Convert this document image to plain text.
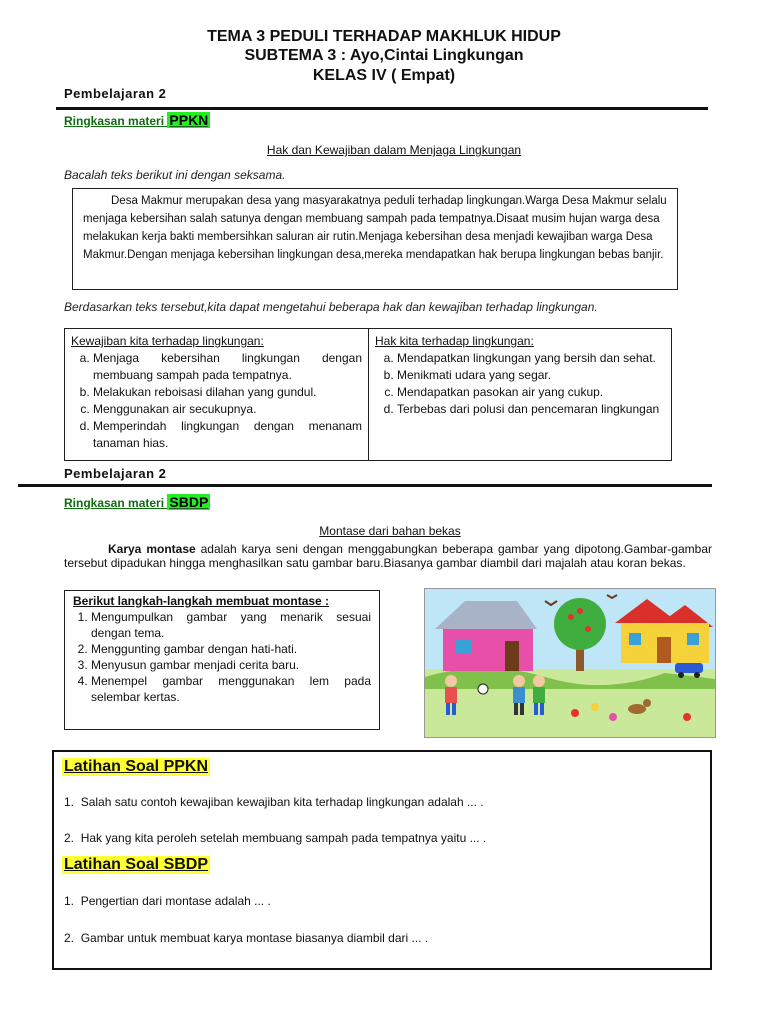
TEMA 3 PEDULI TERHADAP MAKHLUK HIDUP
SUBTEMA 3 : Ayo,Cintai Lingkungan
KELAS IV ( Empat)
Pembelajaran 2
Ringkasan materi PPKN
Hak dan Kewajiban dalam Menjaga Lingkungan
Bacalah teks berikut ini dengan seksama.

Desa Makmur merupakan desa yang masyarakatnya peduli terhadap lingkungan.Warga Desa Makmur selalu menjaga kebersihan salah satunya dengan membuang sampah pada tempatnya.Disaat musim hujan warga desa melakukan kerja bakti membersihkan saluran air rutin.Menjaga kebersihan desa menjadi kewajiban warga Desa Makmur.Dengan menjaga kebersihan lingkungan desa,mereka mendapatkan hak berupa lingkungan bebas banjir.

Berdasarkan teks tersebut,kita dapat mengetahui beberapa hak dan kewajiban terhadap lingkungan.
Kewajiban kita terhadap lingkungan:
a. Menjaga kebersihan lingkungan dengan membuang sampah pada tempatnya.
b. Melakukan reboisasi dilahan yang gundul.
c. Menggunakan air secukupnya.
d. Memperindah lingkungan dengan menanam tanaman hias.
Hak kita terhadap lingkungan:
a. Mendapatkan lingkungan yang bersih dan sehat.
b. Menikmati udara yang segar.
c. Mendapatkan pasokan air yang cukup.
d. Terbebas dari polusi dan pencemaran lingkungan
Pembelajaran 2
Ringkasan materi SBDP
Montase dari bahan bekas
Karya montase adalah karya seni dengan menggabungkan beberapa gambar yang dipotong.Gambar-gambar tersebut dipadukan hingga menghasilkan satu gambar baru.Biasanya gambar diambil dari majalah atau koran bekas.
Berikut langkah-langkah membuat montase :
1. Mengumpulkan gambar yang menarik sesuai dengan tema.
2. Menggunting gambar dengan hati-hati.
3. Menyusun gambar menjadi cerita baru.
4. Menempel gambar menggunakan lem pada selembar kertas.
Latihan Soal PPKN
1.  Salah satu contoh kewajiban kewajiban kita terhadap lingkungan adalah ... .
2.  Hak yang kita peroleh setelah membuang sampah pada tempatnya yaitu ... .
Latihan Soal SBDP
1.  Pengertian dari montase adalah ... .
2.  Gambar untuk membuat karya montase biasanya diambil dari ... .
